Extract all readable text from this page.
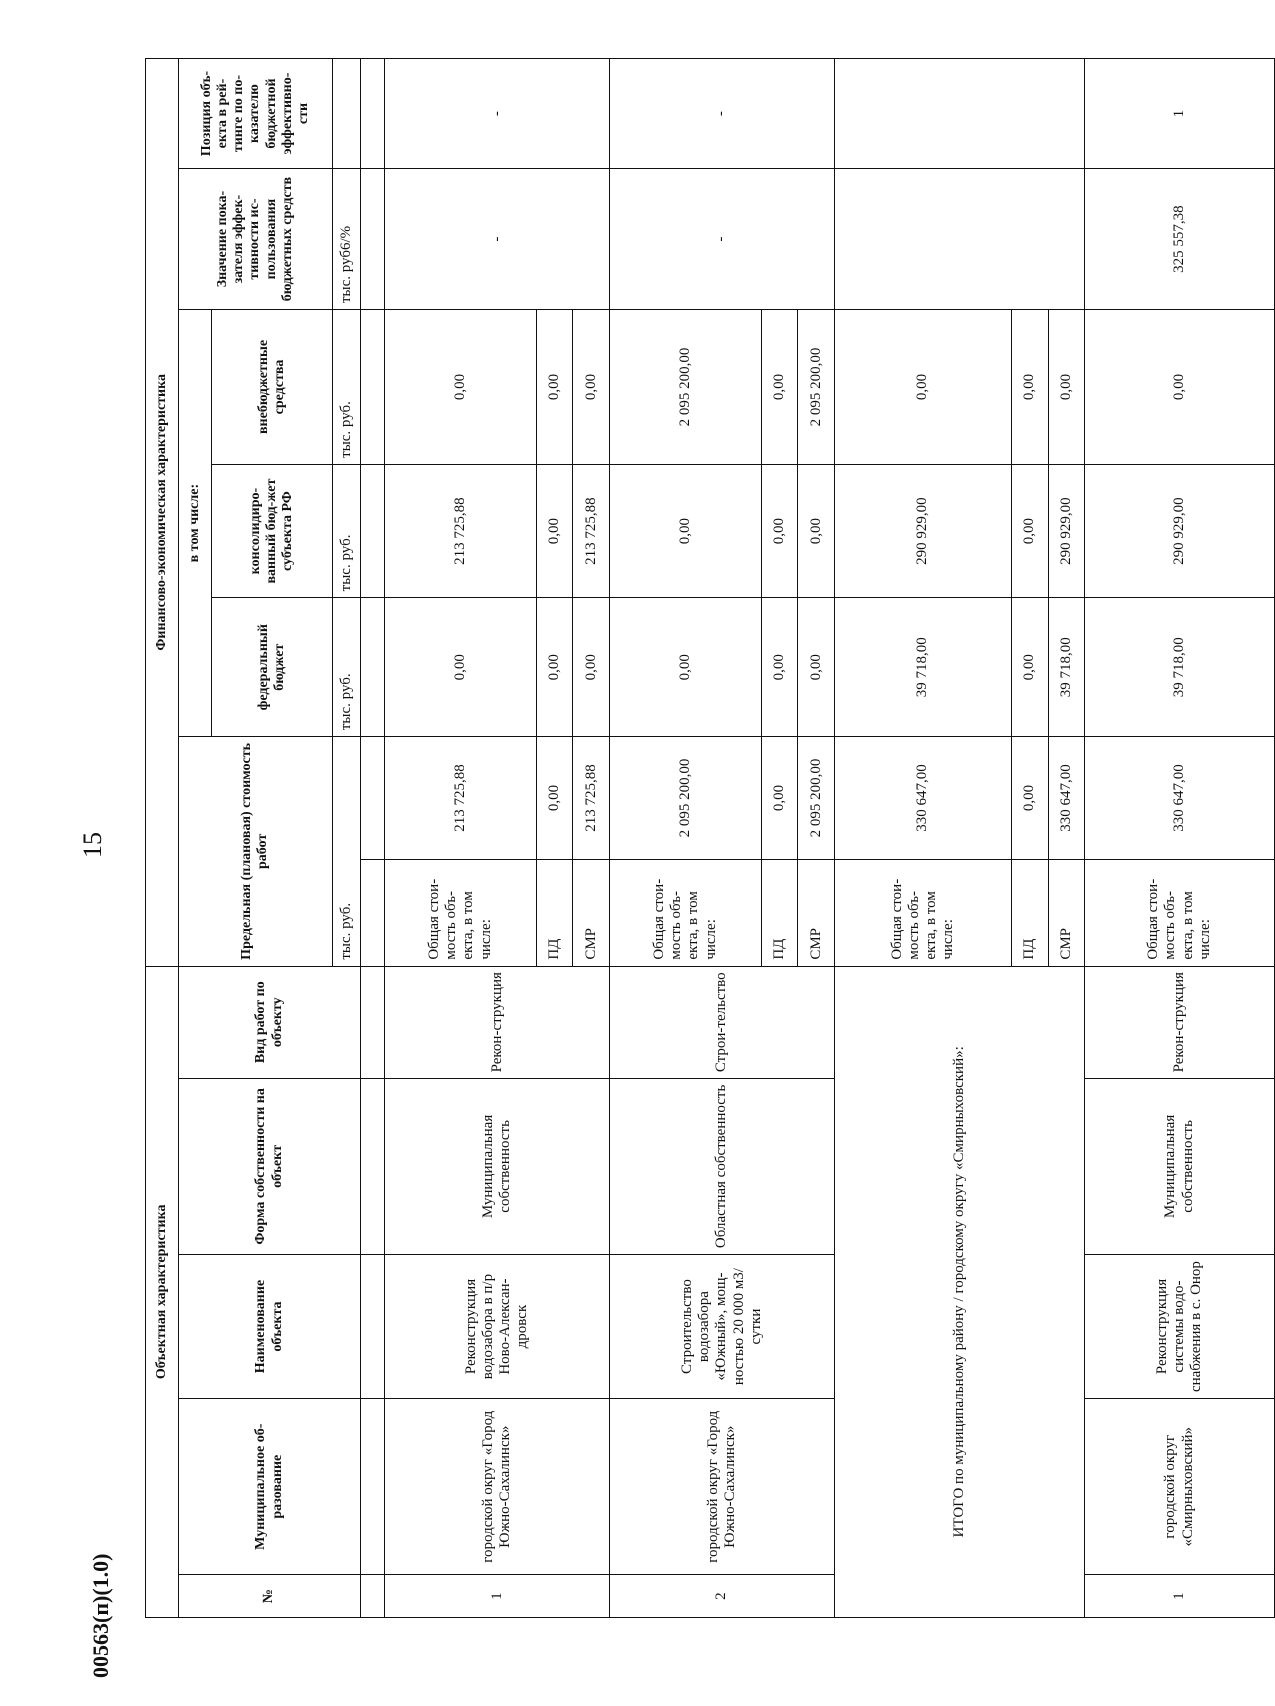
15
Объектная характеристика					Финансово-экономическая характеристика						
№	Муниципальное об-разование	Наименование объекта	Форма собственности на объект	Вид работ по объекту	Предельная (плановая) стоимость работ		в том числе:			Значение пока-зателя эффек-тивности ис-пользования бюджетных средств	Позиция объ-екта в рей-тинге по по-казателю бюджетной эффективно-сти
							федеральный бюджет	консолидиро-ванный бюд-жет субъекта РФ	внебюджетные средства		
					тыс. руб.		тыс. руб.	тыс. руб.	тыс. руб.	тыс. руб6/%	

1	городской округ «Город Южно-Сахалинск»	Реконструкция водозабора в п/р Ново-Алексан-дровск	Муниципальная собственность	Рекон-струкция	Общая стои-мость объ-екта, в том числе:	213 725,88	0,00	213 725,88	0,00	-	-
					ПД	0,00	0,00	0,00	0,00		
					СМР	213 725,88	0,00	213 725,88	0,00		
2	городской округ «Город Южно-Сахалинск»	Строительство водозабора «Южный», мощ-ностью 20 000 м3/сутки	Областная собственность	Строи-тельство	Общая стои-мость объ-екта, в том числе:	2 095 200,00	0,00	0,00	2 095 200,00	-	-
					ПД	0,00	0,00	0,00	0,00		
					СМР	2 095 200,00	0,00	0,00	2 095 200,00		
ИТОГО по муниципальному району / городскому округу «Смирныховский»:					Общая стои-мость объ-екта, в том числе:	330 647,00	39 718,00	290 929,00	0,00		
					ПД	0,00	0,00	0,00	0,00		
					СМР	330 647,00	39 718,00	290 929,00	0,00		
1	городской округ «Смирныховский»	Реконструкция системы водо-снабжения в с. Онор	Муниципальная собственность	Рекон-струкция	Общая стои-мость объ-екта, в том числе:	330 647,00	39 718,00	290 929,00	0,00	325 557,38	1
00563(п)(1.0)
